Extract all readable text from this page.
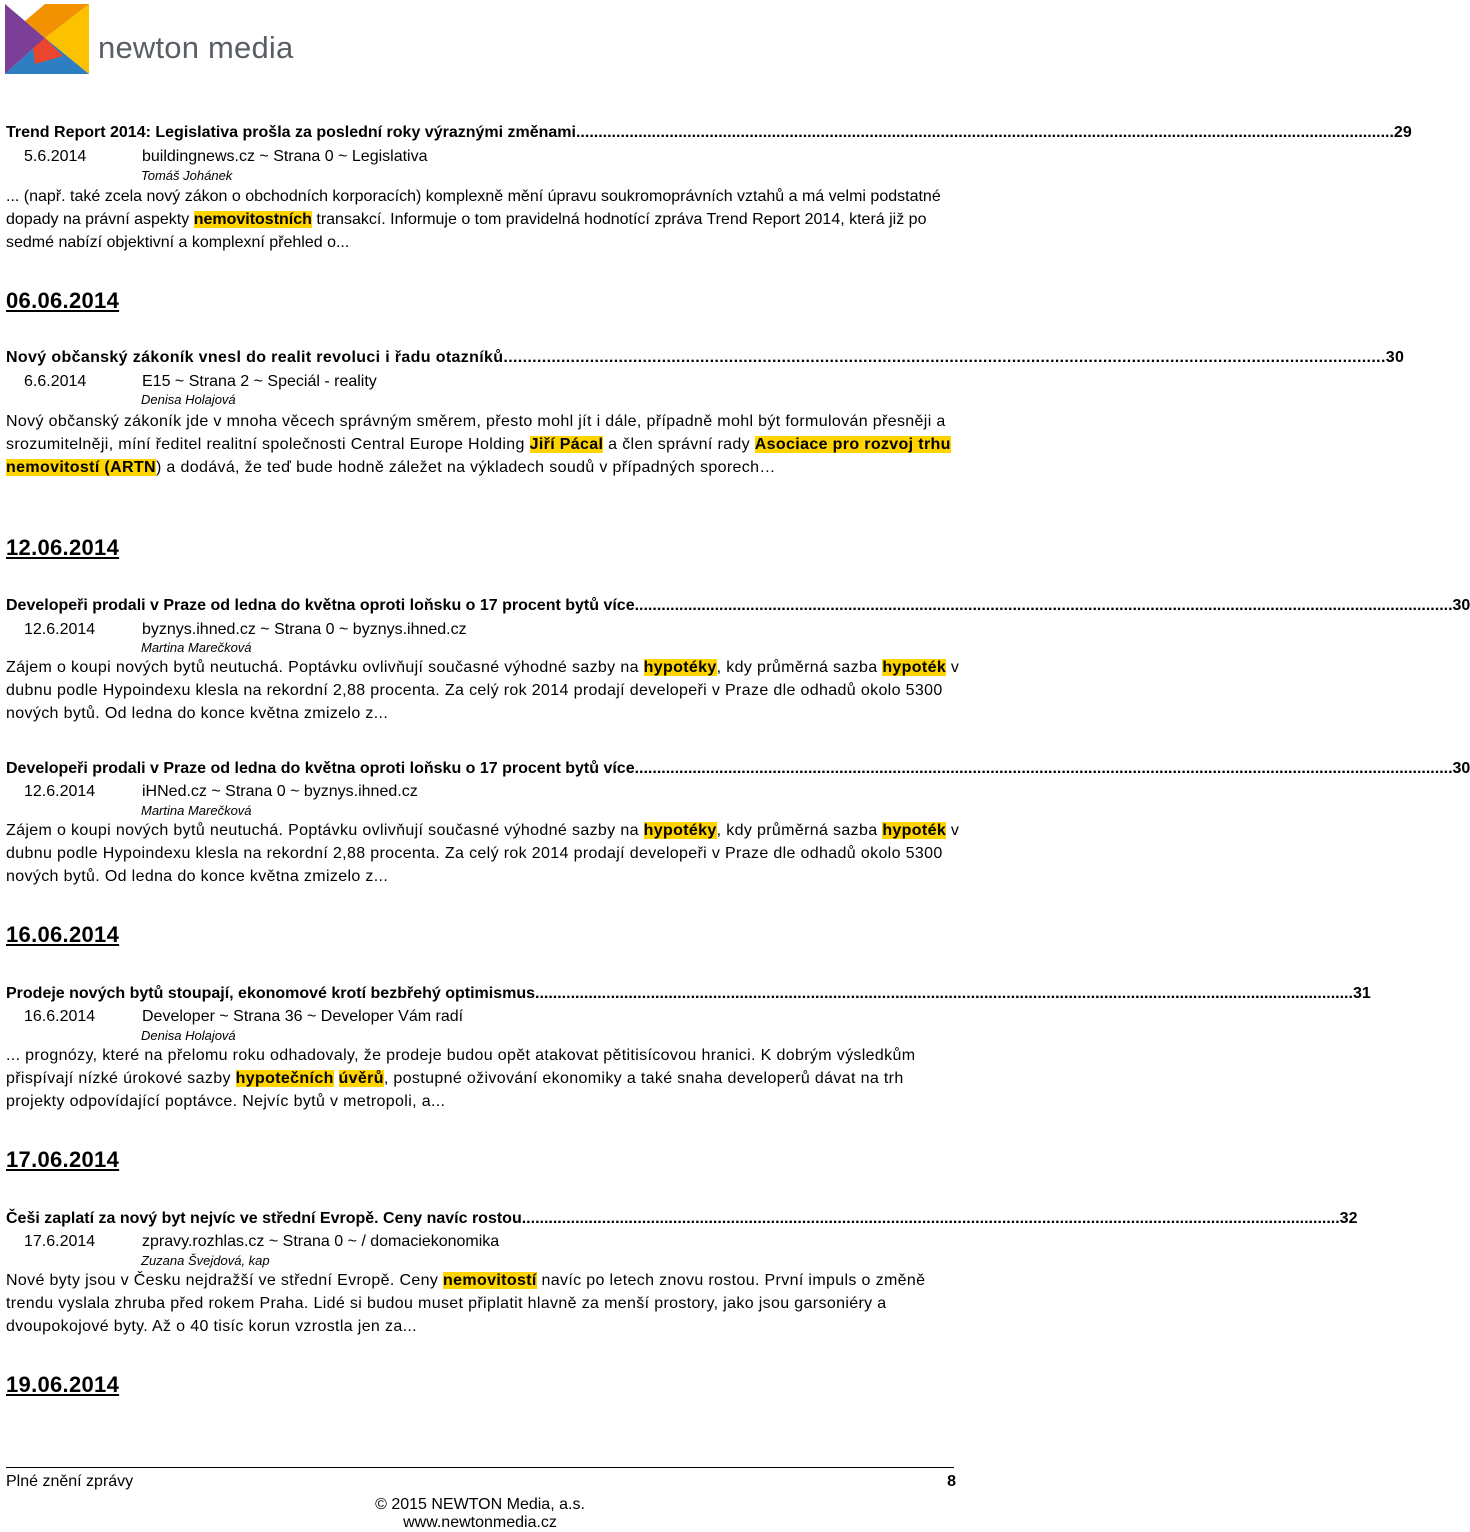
newton media
Trend Report 2014: Legislativa prošla za poslední roky výraznými změnami ........................................................................................................................................................................................ 29
5.6.2014	buildingnews.cz ~ Strana 0 ~ Legislativa
Tomáš Johánek
... (např. také zcela nový zákon o obchodních korporacích) komplexně mění úpravu soukromoprávních vztahů a má velmi podstatné dopady na právní aspekty nemovitostních transakcí. Informuje o tom pravidelná hodnotící zpráva Trend Report 2014, která již po sedmé nabízí objektivní a komplexní přehled o...
06.06.2014
Nový občanský zákoník vnesl do realit revoluci i řadu otazníků ........................................................................................................................................................................................ 30
6.6.2014	E15 ~ Strana 2 ~ Speciál - reality
Denisa Holajová
Nový občanský zákoník jde v mnoha věcech správným směrem, přesto mohl jít i dále, případně mohl být formulován přesněji a srozumitelněji, míní ředitel realitní společnosti Central Europe Holding Jiří Pácal a člen správní rady Asociace pro rozvoj trhu nemovitostí (ARTN) a dodává, že teď bude hodně záležet na výkladech soudů v případných sporech…
12.06.2014
Developeři prodali v Praze od ledna do května oproti loňsku o 17 procent bytů více ........................................................................................................................................................................................ 30
12.6.2014	byznys.ihned.cz ~ Strana 0 ~ byznys.ihned.cz
Martina Marečková
Zájem o koupi nových bytů neutuchá. Poptávku ovlivňují současné výhodné sazby na hypotéky, kdy průměrná sazba hypoték v dubnu podle Hypoindexu klesla na rekordní 2,88 procenta. Za celý rok 2014 prodají developeři v Praze dle odhadů okolo 5300 nových bytů. Od ledna do konce května zmizelo z...
Developeři prodali v Praze od ledna do května oproti loňsku o 17 procent bytů více ........................................................................................................................................................................................ 30
12.6.2014	iHNed.cz ~ Strana 0 ~ byznys.ihned.cz
Martina Marečková
Zájem o koupi nových bytů neutuchá. Poptávku ovlivňují současné výhodné sazby na hypotéky, kdy průměrná sazba hypoték v dubnu podle Hypoindexu klesla na rekordní 2,88 procenta. Za celý rok 2014 prodají developeři v Praze dle odhadů okolo 5300 nových bytů. Od ledna do konce května zmizelo z...
16.06.2014
Prodeje nových bytů stoupají, ekonomové krotí bezbřehý optimismus ........................................................................................................................................................................................ 31
16.6.2014	Developer ~ Strana 36 ~ Developer Vám radí
Denisa Holajová
... prognózy, které na přelomu roku odhadovaly, že prodeje budou opět atakovat pětitisícovou hranici. K dobrým výsledkům přispívají nízké úrokové sazby hypotečních úvěrů, postupné oživování ekonomiky a také snaha developerů dávat na trh projekty odpovídající poptávce. Nejvíc bytů v metropoli, a...
17.06.2014
Češi zaplatí za nový byt nejvíc ve střední Evropě. Ceny navíc rostou ........................................................................................................................................................................................ 32
17.6.2014	zpravy.rozhlas.cz ~ Strana 0 ~ / domaciekonomika
Zuzana Švejdová, kap
Nové byty jsou v Česku nejdražší ve střední Evropě. Ceny nemovitostí navíc po letech znovu rostou. První impuls o změně trendu vyslala zhruba před rokem Praha. Lidé si budou muset připlatit hlavně za menší prostory, jako jsou garsoniéry a dvoupokojové byty. Až o 40 tisíc korun vzrostla jen za...
19.06.2014
Plné znění zprávy	8
© 2015 NEWTON Media, a.s.
www.newtonmedia.cz
